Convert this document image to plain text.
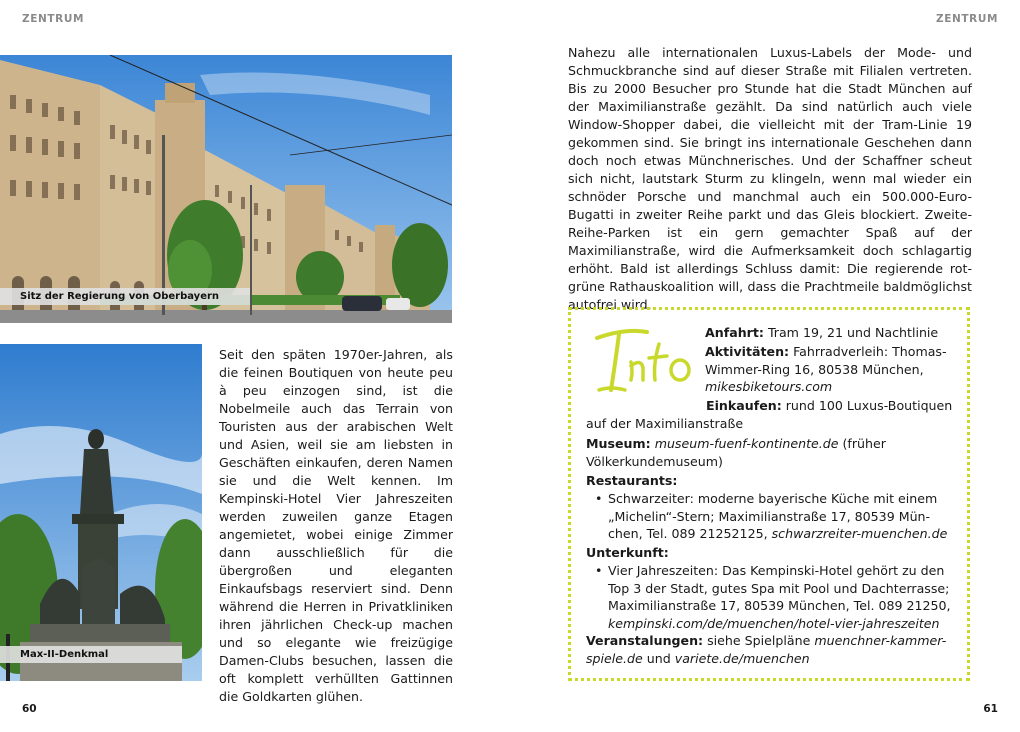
ZENTRUM	ZENTRUM
Sitz der Regierung von Oberbayern
Max-II-Denkmal

Seit den späten 1970er-Jahren, als die feinen Boutiquen von heute peu à peu einzogen sind, ist die Nobelmeile auch das Terrain von Touristen aus der arabischen Welt und Asien, weil sie am liebsten in Geschäften einkaufen, deren Namen sie und die Welt kennen. Im Kempinski-Hotel Vier Jahreszeiten werden zuweilen ganze Etagen angemietet, wobei einige Zimmer dann ausschließlich für die übergroßen und eleganten Einkaufsbags reserviert sind. Denn während die Herren in Privatkliniken ihren jährlichen Check-up machen und so elegante wie freizügige Damen-Clubs besuchen, lassen die oft komplett verhüllten Gattinnen die Goldkarten glühen.

Nahezu alle internationalen Luxus-Labels der Mode- und Schmuckbranche sind auf dieser Straße mit Filialen vertreten. Bis zu 2000 Besucher pro Stunde hat die Stadt München auf der Maximilianstraße gezählt. Da sind natürlich auch viele Window-Shopper dabei, die vielleicht mit der Tram-Linie 19 gekommen sind. Sie bringt ins internationale Geschehen dann doch noch etwas Münchnerisches. Und der Schaffner scheut sich nicht, lautstark Sturm zu klingeln, wenn mal wieder ein schnöder Porsche und manchmal auch ein 500.000-Euro-Bugatti in zweiter Reihe parkt und das Gleis blockiert. Zweite-Reihe-Parken ist ein gern gemachter Spaß auf der Maximilianstraße, wird die Aufmerksamkeit doch schlagartig erhöht. Bald ist allerdings Schluss damit: Die regierende rot-grüne Rathauskoalition will, dass die Prachtmeile baldmöglichst autofrei wird.

Anfahrt: Tram 19, 21 und Nachtlinie
Aktivitäten: Fahrradverleih: Thomas-
Wimmer-Ring 16, 80538 München,
mikesbiketours.com
Einkaufen: rund 100 Luxus-Boutiquen
auf der Maximilianstraße
Museum: museum-fuenf-kontinente.de (früher
Völkerkundemuseum)
Restaurants:
• Schwarzeiter: moderne bayerische Küche mit einem
„Michelin“-Stern; Maximilianstraße 17, 80539 Mün-
chen, Tel. 089 21252125, schwarzreiter-muenchen.de
Unterkunft:
• Vier Jahreszeiten: Das Kempinski-Hotel gehört zu den
Top 3 der Stadt, gutes Spa mit Pool und Dachterrasse;
Maximilianstraße 17, 80539 München, Tel. 089 21250,
kempinski.com/de/muenchen/hotel-vier-jahreszeiten
Veranstalungen: siehe Spielpläne muenchner-kammer-
spiele.de und variete.de/muenchen
60	61
